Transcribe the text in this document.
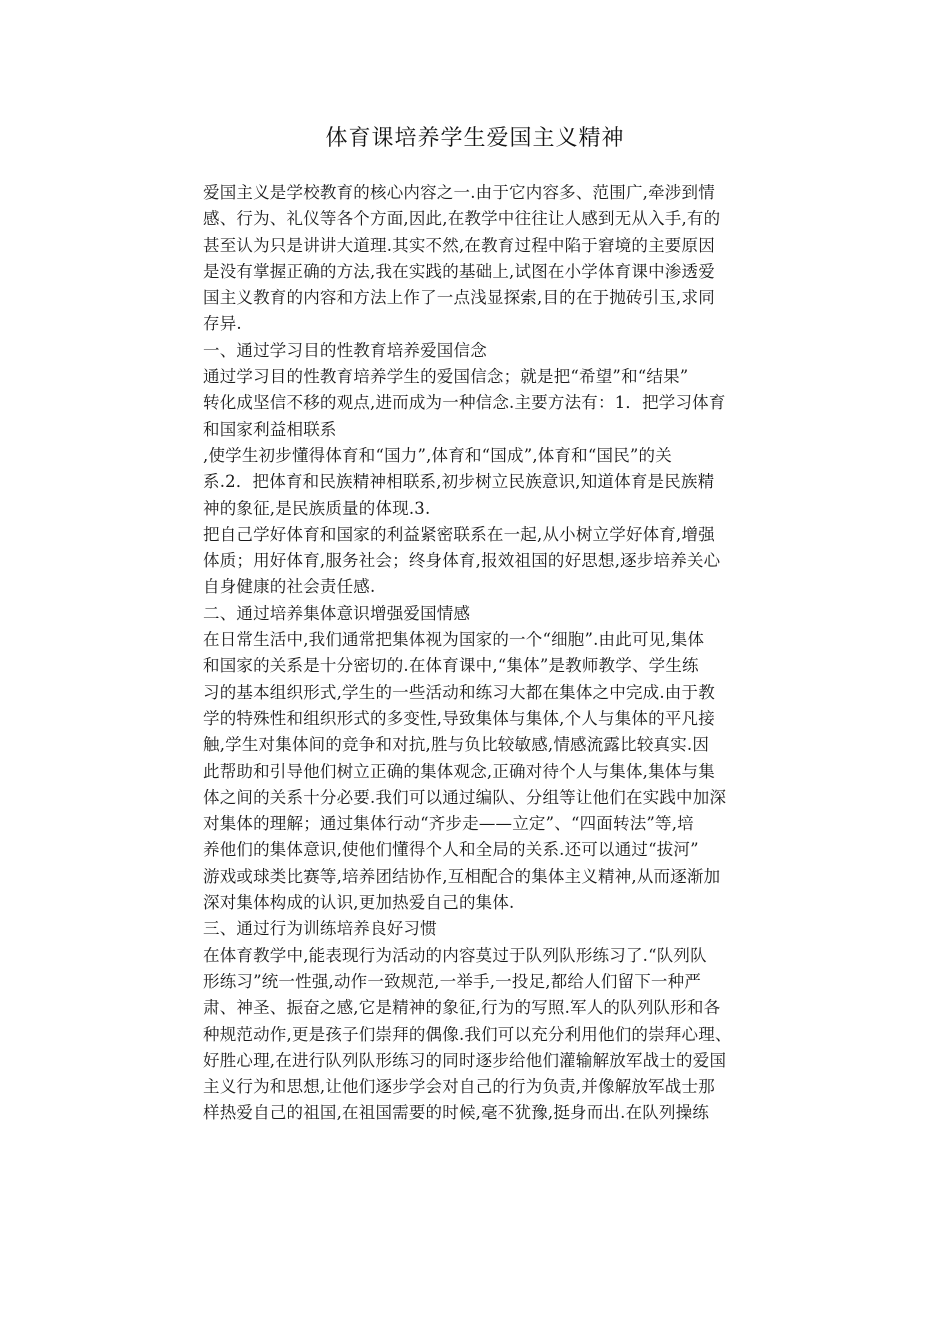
体育课培养学生爱国主义精神
爱国主义是学校教育的核心内容之一.由于它内容多、范围广,牵涉到情
感、行为、礼仪等各个方面,因此,在教学中往往让人感到无从入手,有的
甚至认为只是讲讲大道理.其实不然,在教育过程中陷于窘境的主要原因
是没有掌握正确的方法,我在实践的基础上,试图在小学体育课中渗透爱
国主义教育的内容和方法上作了一点浅显探索,目的在于抛砖引玉,求同
存异.
一、通过学习目的性教育培养爱国信念
通过学习目的性教育培养学生的爱国信念；就是把“希望”和“结果”
转化成坚信不移的观点,进而成为一种信念.主要方法有：1．把学习体育
和国家利益相联系
,使学生初步懂得体育和“国力”,体育和“国成”,体育和“国民”的关
系.2．把体育和民族精神相联系,初步树立民族意识,知道体育是民族精
神的象征,是民族质量的体现.3.
把自己学好体育和国家的利益紧密联系在一起,从小树立学好体育,增强
体质；用好体育,服务社会；终身体育,报效祖国的好思想,逐步培养关心
自身健康的社会责任感.
二、通过培养集体意识增强爱国情感
在日常生活中,我们通常把集体视为国家的一个“细胞”.由此可见,集体
和国家的关系是十分密切的.在体育课中,“集体”是教师教学、学生练
习的基本组织形式,学生的一些活动和练习大都在集体之中完成.由于教
学的特殊性和组织形式的多变性,导致集体与集体,个人与集体的平凡接
触,学生对集体间的竞争和对抗,胜与负比较敏感,情感流露比较真实.因
此帮助和引导他们树立正确的集体观念,正确对待个人与集体,集体与集
体之间的关系十分必要.我们可以通过编队、分组等让他们在实践中加深
对集体的理解；通过集体行动“齐步走——立定”、“四面转法”等,培
养他们的集体意识,使他们懂得个人和全局的关系.还可以通过“拔河”
游戏或球类比赛等,培养团结协作,互相配合的集体主义精神,从而逐渐加
深对集体构成的认识,更加热爱自己的集体.
三、通过行为训练培养良好习惯
在体育教学中,能表现行为活动的内容莫过于队列队形练习了.“队列队
形练习”统一性强,动作一致规范,一举手,一投足,都给人们留下一种严
肃、神圣、振奋之感,它是精神的象征,行为的写照.军人的队列队形和各
种规范动作,更是孩子们崇拜的偶像.我们可以充分利用他们的崇拜心理、
好胜心理,在进行队列队形练习的同时逐步给他们灌输解放军战士的爱国
主义行为和思想,让他们逐步学会对自己的行为负责,并像解放军战士那
样热爱自己的祖国,在祖国需要的时候,毫不犹豫,挺身而出.在队列操练
